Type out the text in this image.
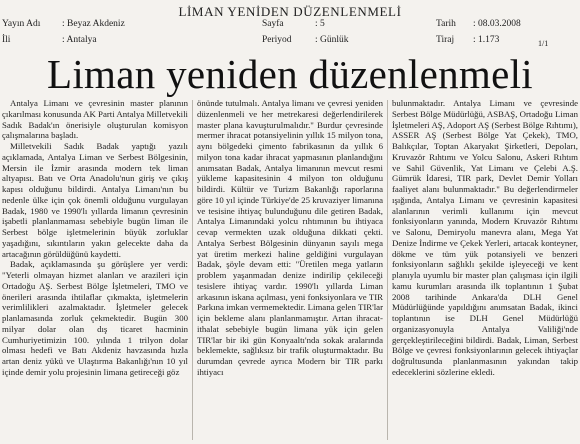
LİMAN YENİDEN DÜZENLENMELİ
Yayın Adı : Beyaz Akdeniz
İli	: Antalya
Sayfa	: 5
Periyod : Günlük
Tarih : 08.03.2008
Tiraj : 1.173	1/1
Liman yeniden düzenlenmeli

Antalya Limanı ve çevresinin master planının çıkarılması konusunda AK Parti Antalya Milletvekili Sadık Badak'ın önerisiyle oluşturulan komisyon çalışmalarına başladı.

Milletvekili Sadık Badak yaptığı yazılı açıklamada, Antalya Liman ve Serbest Bölgesinin, Mersin ile İzmir arasında modern tek liman altyapısı. Batı ve Orta Anadolu'nun giriş ve çıkış kapısı olduğunu bildirdi. Antalya Limanı'nın bu nedenle ülke için çok önemli olduğunu vurgulayan Badak, 1980 ve 1990'lı yıllarda limanın çevresinin işabetli planlanmaması sebebiyle bugün liman ile Serbest bölge işletmelerinin büyük zorluklar yaşadığını, sıkıntıların yakın gelecekte daha da artacağının görüldüğünü kaydetti.

Badak, açıklamasında şu görüşlere yer verdi: "Yeterli olmayan hizmet alanları ve arazileri için Ortadoğu AŞ. Serbest Bölge İşletmeleri, TMO ve önerileri arasında ihtilaflar çıkmakta, işletmelerin verimlilikleri azalmaktadır. İşletmeler gelecek planlamasında zorluk çekmektedir. Bugün 300 milyar dolar olan dış ticaret hacminin Cumhuriyetimizin 100. yılında 1 trilyon dolar olması hedefi ve Batı Akdeniz havzasında hızla artan deniz yükü ve Ulaştırma Bakanlığı'nın 10 yıl içinde demir yolu projesinin limana getireceği göz

önünde tutulmalı. Antalya limanı ve çevresi yeniden düzenlenmeli ve her metrekaresi değerlendirilerek master plana kavuşturulmalıdır." Burdur çevresinde mermer ihracat potansiyelinin yıllık 15 milyon tona, aynı bölgedeki çimento fabrikasının da yıllık 6 milyon tona kadar ihracat yapmasının planlandığını anımsatan Badak, Antalya limanının mevcut resmi yükleme kapasitesinin 4 milyon ton olduğunu bildirdi. Kültür ve Turizm Bakanlığı raporlarına göre 10 yıl içinde Türkiye'de 25 kruvaziyer limanına ve tesisine ihtiyaç bulunduğunu dile getiren Badak, Antalya Limanındaki yolcu rıhtımının bu ihtiyaca cevap vermekten uzak olduğuna dikkati çekti. Antalya Serbest Bölgesinin dünyanın sayılı mega yat üretim merkezi haline geldiğini vurgulayan Badak, şöyle devam etti: "Üretilen mega yatların problem yaşanmadan denize indirilip çekileceği tesislere ihtiyaç vardır. 1990'lı yıllarda Liman arkasının iskana açılması, yeni fonksiyonlara ve TIR Parkına imkan vermemektedir. Limana gelen TIR'lar için bekleme alanı planlanmamıştır. Artan ihracat-ithalat sebebiyle bugün limana yük için gelen TIR'lar bir iki gün Konyaaltı'nda sokak aralarında beklemekte, sağlıksız bir trafik oluşturmaktadır. Bu durumdan çevrede ayrıca Modern bir TIR parkı ihtiyacı

bulunmaktadır. Antalya Limanı ve çevresinde Serbest Bölge Müdürlüğü, ASBAŞ, Ortadoğu Liman İşletmeleri AŞ, Adoport AŞ (Serbest Bölge Rıhtımı), ASSER AŞ (Serbest Bölge Yat Çekek), TMO, Balıkçılar, Toptan Akaryakıt Şirketleri, Depoları, Kruvazör Rıhtımı ve Yolcu Salonu, Askeri Rıhtım ve Sahil Güvenlik, Yat Limanı ve Çelebi A.Ş. Gümrük İdaresi, TIR park, Devlet Demir Yolları faaliyet alanı bulunmaktadır." Bu değerlendirmeler ışığında, Antalya Limanı ve çevresinin kapasitesi alanlarının verimli kullanımı için mevcut fonksiyonların yanında, Modern Kruvazör Rıhtımı ve Salonu, Demiryolu manevra alanı, Mega Yat Denize İndirme ve Çekek Yerleri, artacak konteyner, dökme ve tüm yük potansiyeli ve benzeri fonksiyonların sağlıklı şekilde işleyeceği ve kent planıyla uyumlu bir master plan çalışması için ilgili kamu kurumları arasında ilk toplantının 1 Şubat 2008 tarihinde Ankara'da DLH Genel Müdürlüğünde yapıldığını anımsatan Badak, ikinci toplantının ise DLH Genel Müdürlüğü organizasyonuyla Antalya Valiliği'nde gerçekleştirileceğini bildirdi. Badak, Liman, Serbest Bölge ve çevresi fonksiyonlarının gelecek ihtiyaçlar doğrultusunda planlanmasının yakından takip edeceklerini sözlerine ekledi.
